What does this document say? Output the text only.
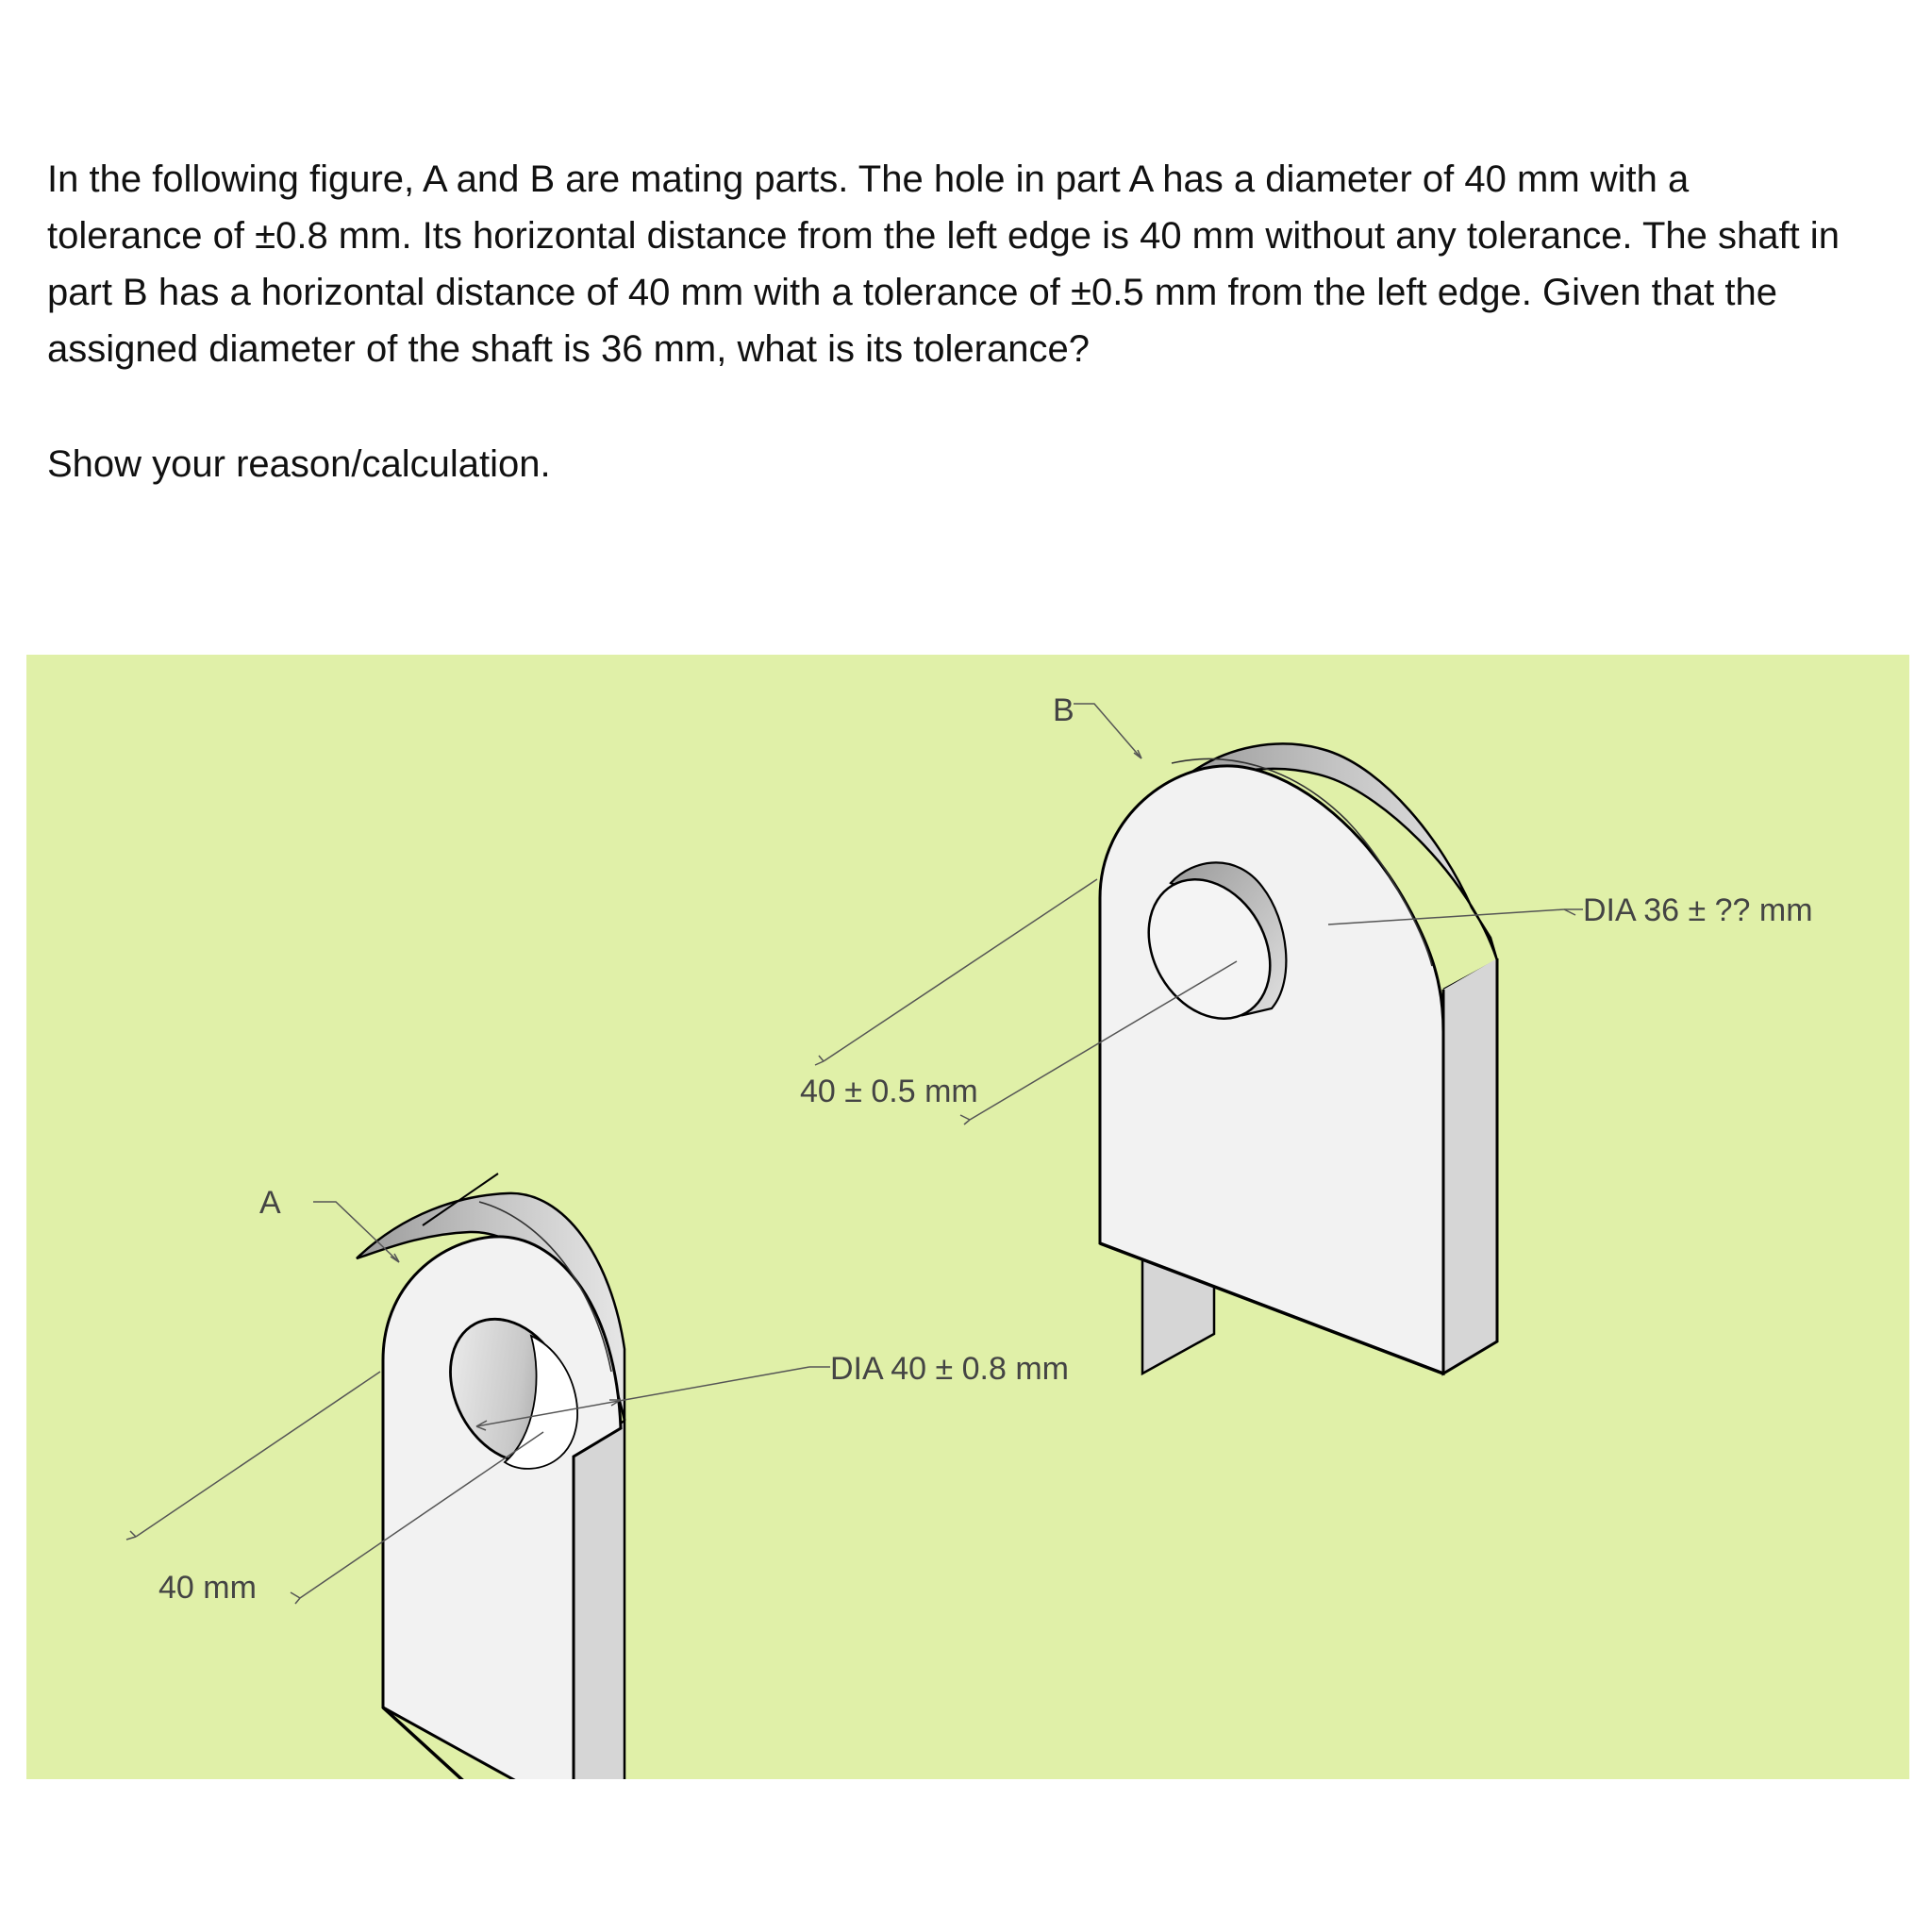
In the following figure, A and B are mating parts. The hole in part A has a diameter of 40 mm with a tolerance of ±0.8 mm. Its horizontal distance from the left edge is 40 mm without any tolerance. The shaft in part B has a horizontal distance of 40 mm with a tolerance of ±0.5 mm from the left edge. Given that the assigned diameter of the shaft is 36 mm, what is its tolerance?

Show your reason/calculation.

B
DIA 36 ± ?? mm
40 ± 0.5 mm
A
DIA 40 ± 0.8 mm
40 mm
